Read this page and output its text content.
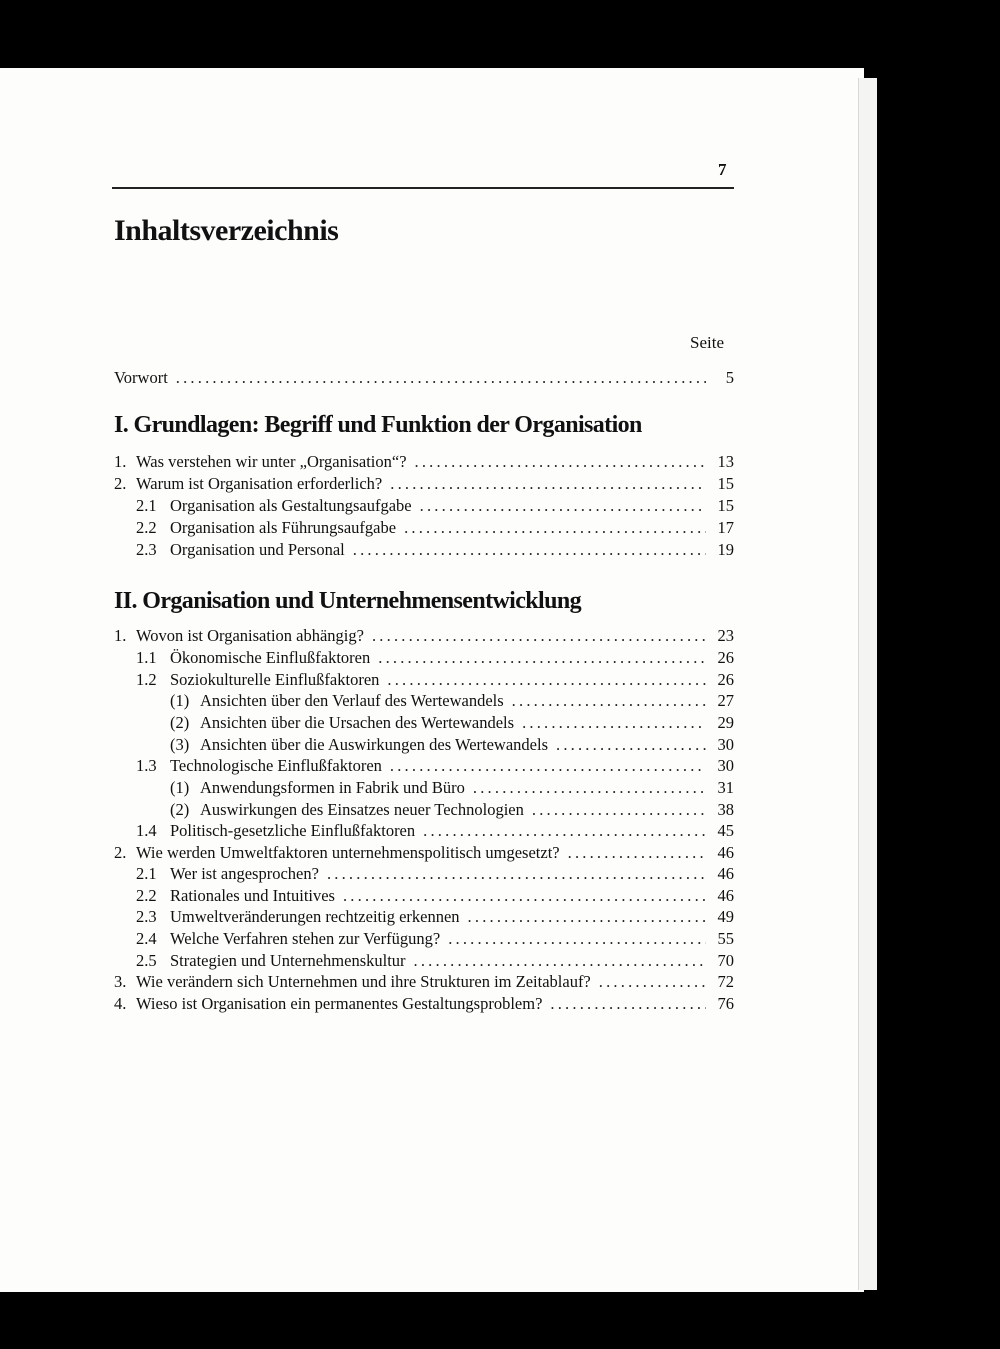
7
Inhaltsverzeichnis
Seite
Vorwort .....	5
I. Grundlagen: Begriff und Funktion der Organisation
1. Was verstehen wir unter „Organisation“? .....	13
2. Warum ist Organisation erforderlich? .....	15
2.1 Organisation als Gestaltungsaufgabe .....	15
2.2 Organisation als Führungsaufgabe .....	17
2.3 Organisation und Personal .....	19
II. Organisation und Unternehmensentwicklung
1. Wovon ist Organisation abhängig? .....	23
1.1 Ökonomische Einflußfaktoren .....	26
1.2 Soziokulturelle Einflußfaktoren .....	26
(1) Ansichten über den Verlauf des Wertewandels .....	27
(2) Ansichten über die Ursachen des Wertewandels .....	29
(3) Ansichten über die Auswirkungen des Wertewandels .....	30
1.3 Technologische Einflußfaktoren .....	30
(1) Anwendungsformen in Fabrik und Büro .....	31
(2) Auswirkungen des Einsatzes neuer Technologien .....	38
1.4 Politisch-gesetzliche Einflußfaktoren .....	45
2. Wie werden Umweltfaktoren unternehmenspolitisch umgesetzt? .....	46
2.1 Wer ist angesprochen? .....	46
2.2 Rationales und Intuitives .....	46
2.3 Umweltveränderungen rechtzeitig erkennen .....	49
2.4 Welche Verfahren stehen zur Verfügung? .....	55
2.5 Strategien und Unternehmenskultur .....	70
3. Wie verändern sich Unternehmen und ihre Strukturen im Zeitablauf? .....	72
4. Wieso ist Organisation ein permanentes Gestaltungsproblem? .....	76
